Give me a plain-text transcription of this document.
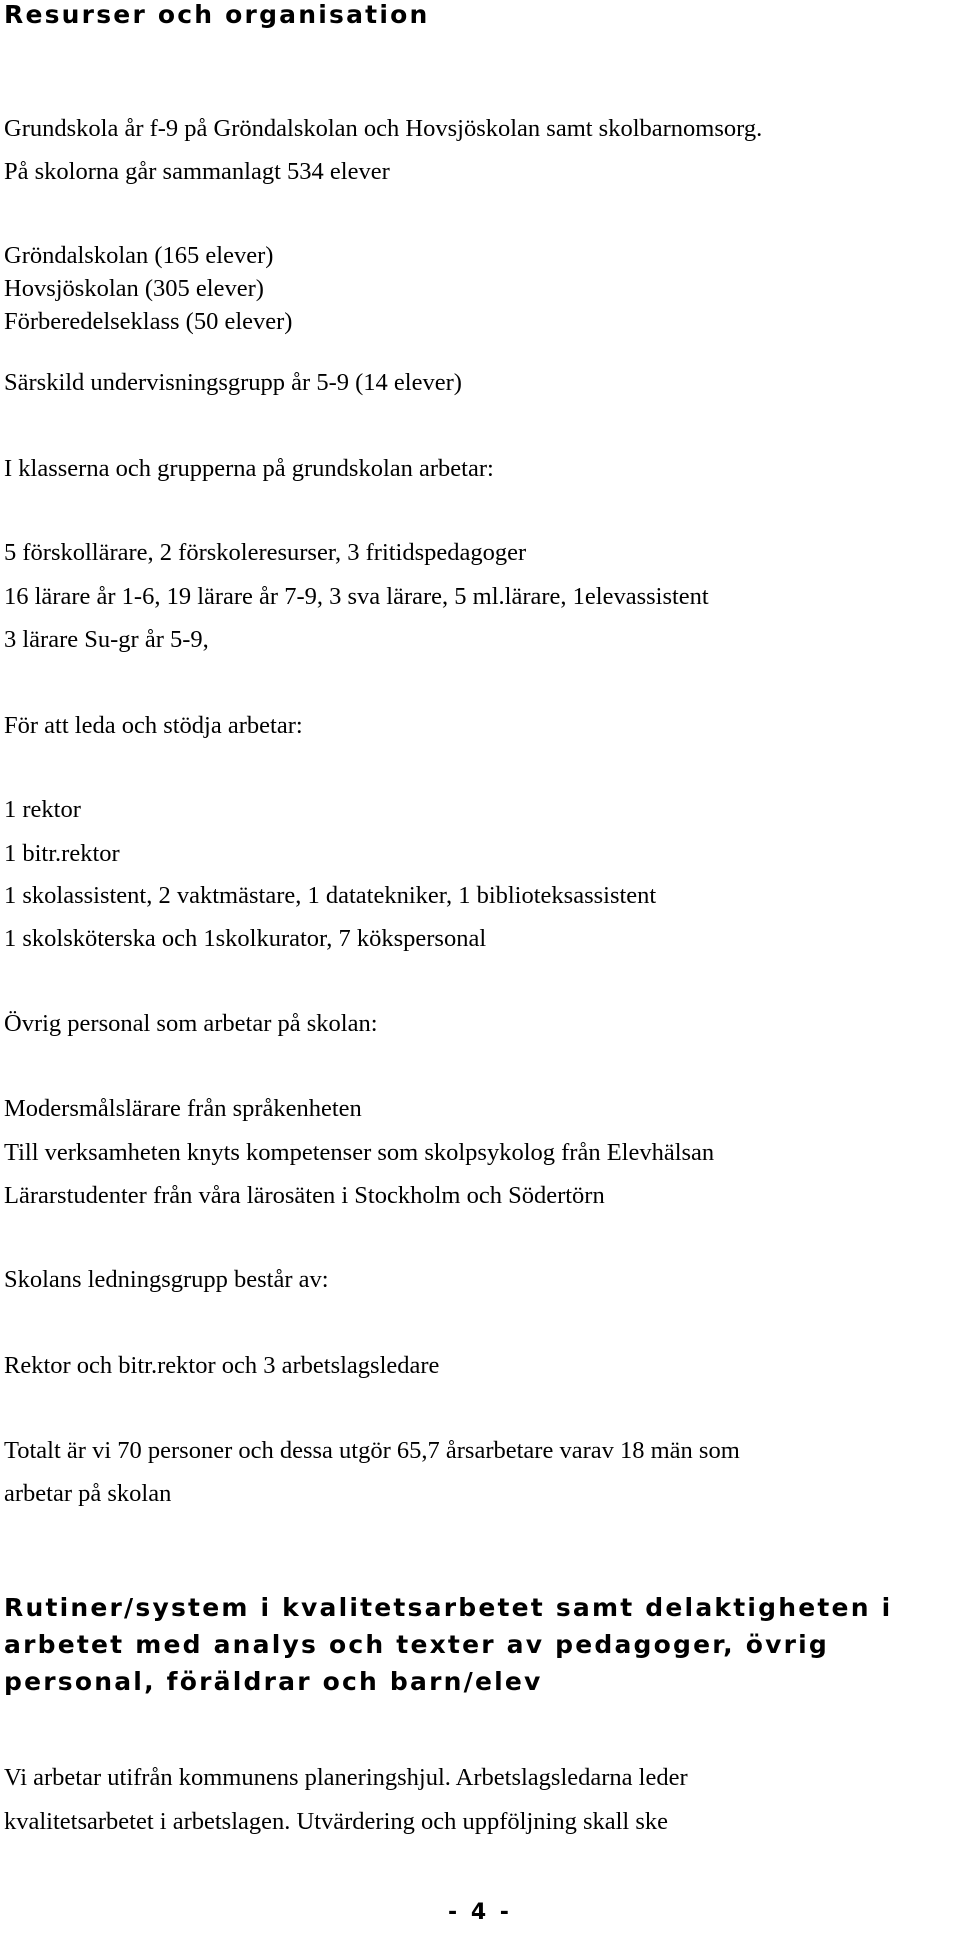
Resurser och organisation

Grundskola år f-9 på Gröndalskolan och Hovsjöskolan samt skolbarnomsorg.

På skolorna går sammanlagt 534 elever

Gröndalskolan (165 elever)

Hovsjöskolan (305 elever)

Förberedelseklass (50 elever)

Särskild undervisningsgrupp år 5-9 (14 elever)

I klasserna och grupperna på grundskolan arbetar:

5 förskollärare, 2 förskoleresurser, 3 fritidspedagoger

16 lärare år 1-6, 19 lärare år 7-9, 3 sva lärare, 5 ml.lärare, 1elevassistent

3 lärare Su-gr år 5-9,

För att leda och stödja arbetar:

1 rektor

1 bitr.rektor

1 skolassistent, 2 vaktmästare, 1 datatekniker, 1 biblioteksassistent

1 skolsköterska och 1skolkurator, 7 kökspersonal

Övrig personal som arbetar på skolan:

Modersmålslärare från språkenheten

Till verksamheten knyts kompetenser som skolpsykolog från Elevhälsan

Lärarstudenter från våra lärosäten i Stockholm och Södertörn

Skolans ledningsgrupp består av:

Rektor och bitr.rektor och 3 arbetslagsledare

Totalt är vi 70 personer och dessa utgör 65,7 årsarbetare varav 18 män som

arbetar på skolan

Rutiner/system i kvalitetsarbetet samt delaktigheten i
arbetet med analys och texter av pedagoger, övrig
personal, föräldrar och barn/elev

Vi arbetar utifrån kommunens planeringshjul. Arbetslagsledarna leder

kvalitetsarbetet i arbetslagen. Utvärdering och uppföljning skall ske

- 4 -
